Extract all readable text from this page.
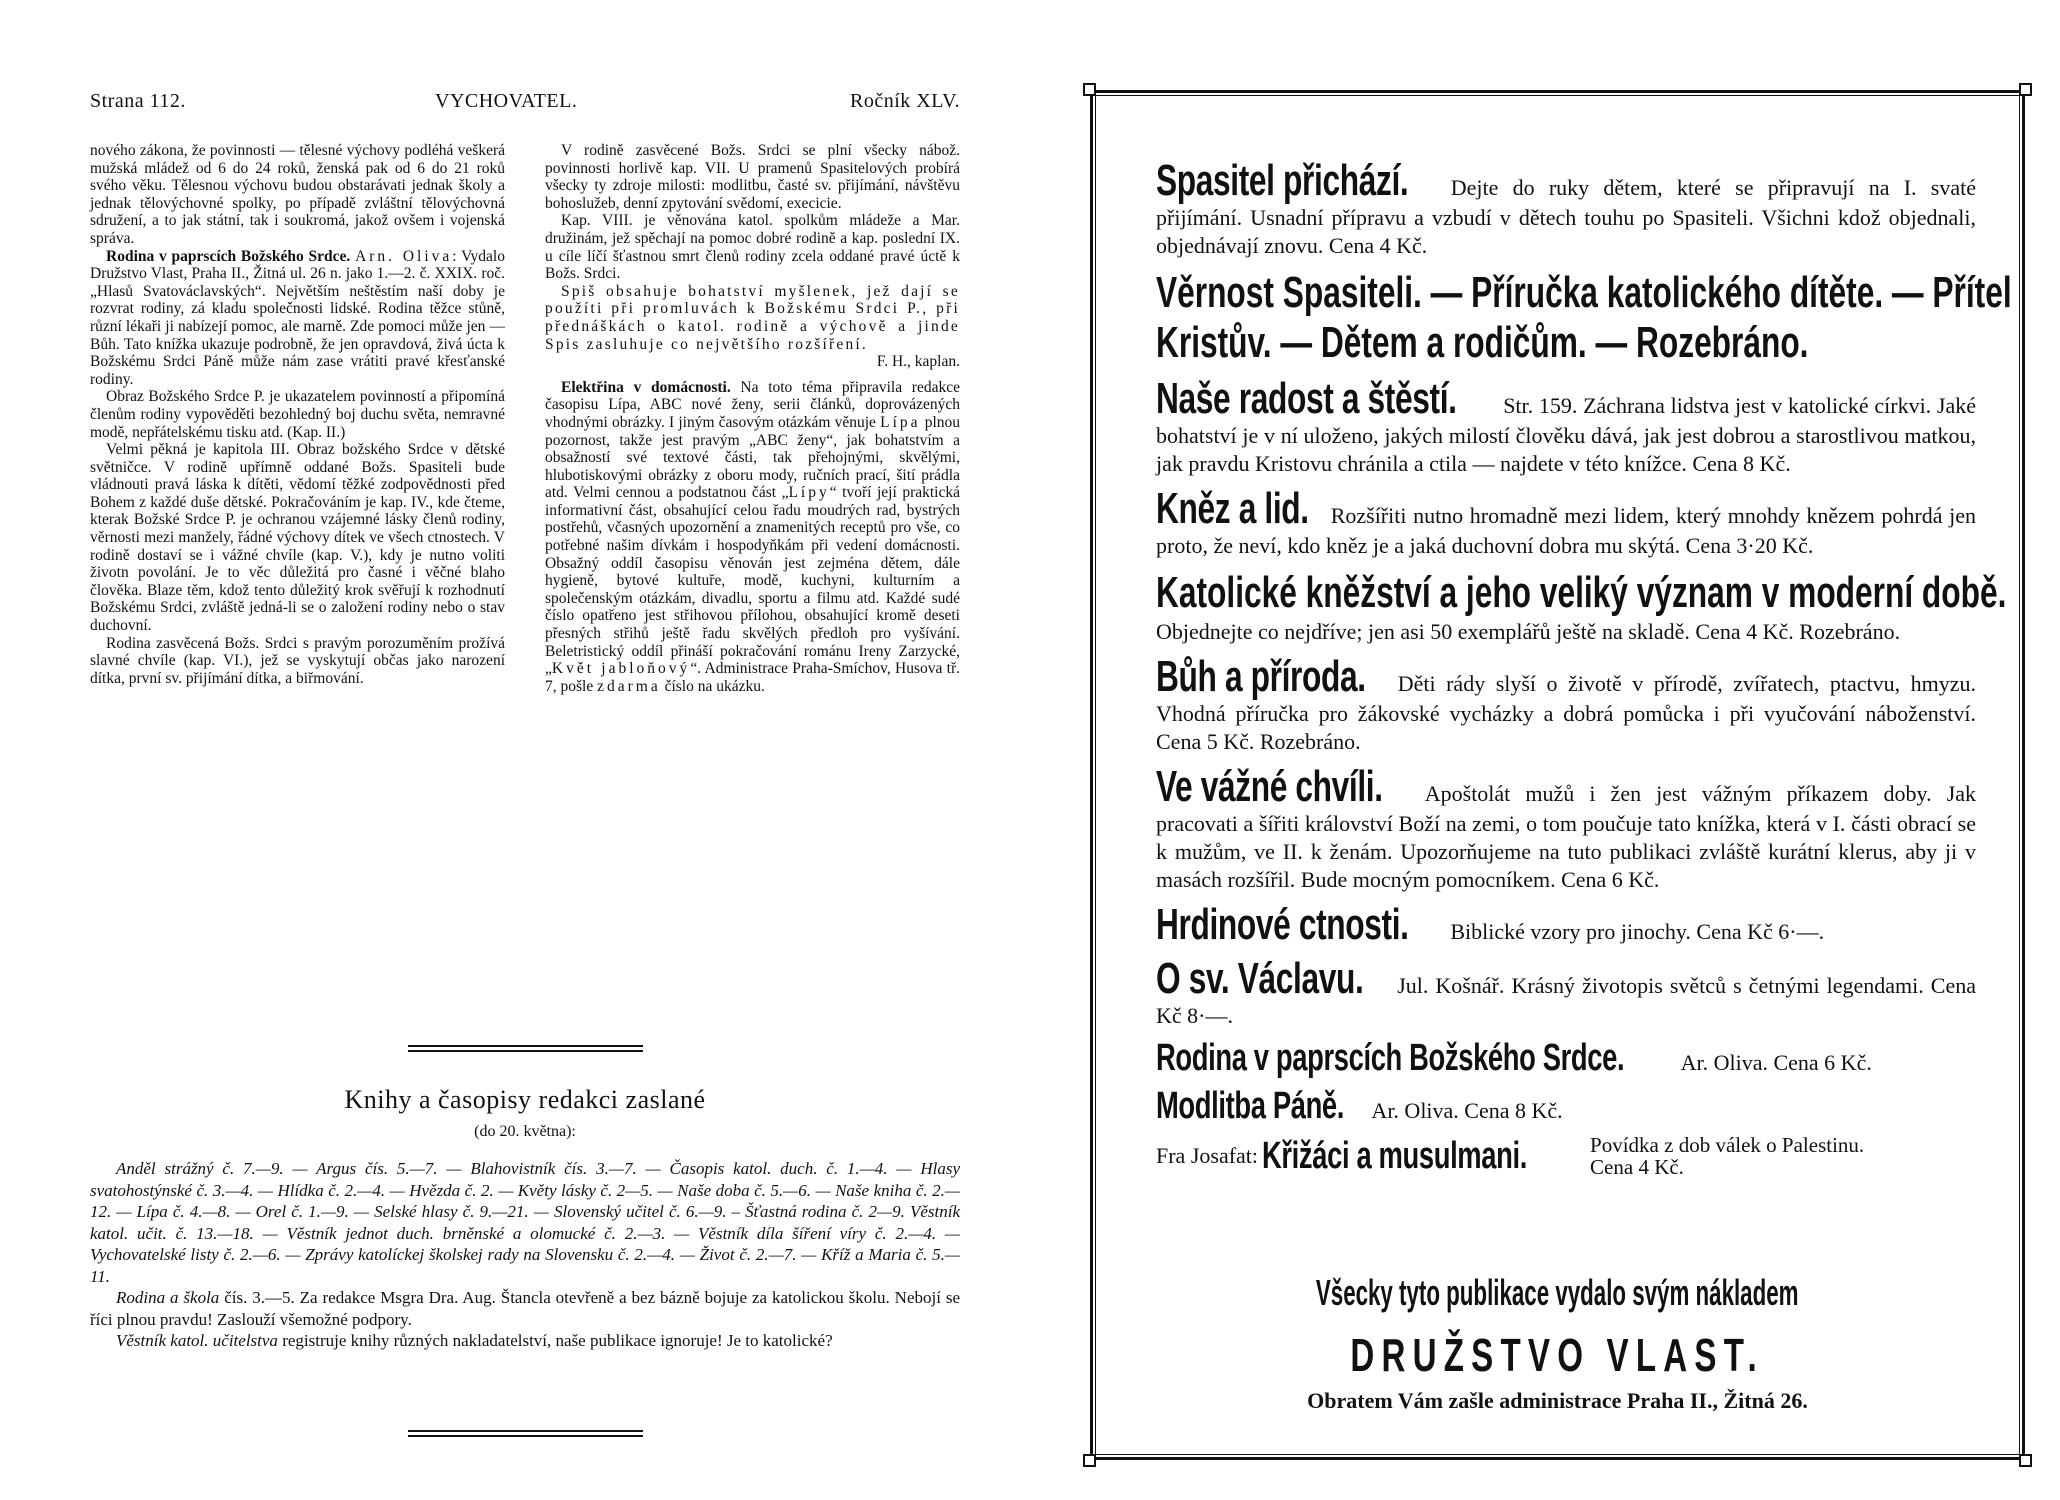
Strana 112.	VYCHOVATEL.	Ročník XLV.

nového zákona, že povinnosti — tělesné výchovy podléhá veškerá mužská mládež od 6 do 24 roků, ženská pak od 6 do 21 roků svého věku. Tělesnou výchovu budou obstarávati jednak školy a jednak tělovýchovné spolky, po případě zvláštní tělovýchovná sdružení, a to jak státní, tak i soukromá, jakož ovšem i vojenská správa.

Rodina v paprscích Božského Srdce. Arn. Oliva: Vydalo Družstvo Vlast, Praha II., Žitná ul. 26 n. jako 1.—2. č. XXIX. roč. „Hlasů Svatováclavských“. Největším neštěstím naší doby je rozvrat rodiny, zá kladu společnosti lidské. Rodina těžce stůně, různí lékaři ji nabízejí pomoc, ale marně. Zde pomoci může jen — Bůh. Tato knížka ukazuje podrobně, že jen opravdová, živá úcta k Božskému Srdci Páně může nám zase vrátiti pravé křesťanské rodiny.

Obraz Božského Srdce P. je ukazatelem povinností a připomíná členům rodiny vypověděti bezohledný boj duchu světa, nemravné modě, nepřátelskému tisku atd. (Kap. II.)

Velmi pěkná je kapitola III. Obraz božského Srdce v dětské světničce. V rodině upřímně oddané Božs. Spasiteli bude vládnouti pravá láska k dítěti, vědomí těžké zodpovědnosti před Bohem z každé duše dětské. Pokračováním je kap. IV., kde čteme, kterak Božské Srdce P. je ochranou vzájemné lásky členů rodiny, věrnosti mezi manžely, řádné výchovy dítek ve všech ctnostech. V rodině dostaví se i vážné chvíle (kap. V.), kdy je nutno voliti životn povolání. Je to věc důležitá pro časné i věčné blaho člověka. Blaze těm, kdož tento důležitý krok svěřují k rozhodnutí Božskému Srdci, zvláště jedná-li se o založení rodiny nebo o stav duchovní.

Rodina zasvěcená Božs. Srdci s pravým porozuměním prožívá slavné chvíle (kap. VI.), jež se vyskytují občas jako narození dítka, první sv. přijímání dítka, a biřmování.

V rodině zasvěcené Božs. Srdci se plní všecky nábož. povinnosti horlivě kap. VII. U pramenů Spasitelových probírá všecky ty zdroje milosti: modlitbu, časté sv. přijímání, návštěvu bohoslužeb, denní zpytování svědomí, execicie.

Kap. VIII. je věnována katol. spolkům mládeže a Mar. družinám, jež spěchají na pomoc dobré rodině a kap. poslední IX. u cíle líčí šťastnou smrt členů rodiny zcela oddané pravé úctě k Božs. Srdci.

Spiš obsahuje bohatství myšlenek, jež dají se použíti při promluvách k Božskému Srdci P., při přednáškách o katol. rodině a výchově a jinde Spis zasluhuje co největšího rozšíření.

F. H., kaplan.

Elektřina v domácnosti. Na toto téma připravila redakce časopisu Lípa, ABC nové ženy, serii článků, doprovázených vhodnými obrázky. I jiným časovým otázkám věnuje Lípa plnou pozornost, takže jest pravým „ABC ženy“, jak bohatstvím a obsažností své textové části, tak přehojnými, skvělými, hlubotiskovými obrázky z oboru mody, ručních prací, šití prádla atd. Velmi cennou a podstatnou část „Lípy“ tvoří její praktická informativní část, obsahující celou řadu moudrých rad, bystrých postřehů, včasných upozornění a znamenitých receptů pro vše, co potřebné našim dívkám i hospodyňkám při vedení domácnosti. Obsažný oddíl časopisu věnován jest zejména dětem, dále hygieně, bytové kultuře, modě, kuchyni, kulturním a společenským otázkám, divadlu, sportu a filmu atd. Každé sudé číslo opatřeno jest střihovou přílohou, obsahující kromě deseti přesných střihů ještě řadu skvělých předloh pro vyšívání. Beletristický oddíl přináší pokračování románu Ireny Zarzycké, „Květ jabloňový“. Administrace Praha-Smíchov, Husova tř. 7, pošle zdarma číslo na ukázku.

Knihy a časopisy redakci zaslané
(do 20. května):

Anděl strážný č. 7.—9. — Argus čís. 5.—7. — Blahovistník čís. 3.—7. — Časopis katol. duch. č. 1.—4. — Hlasy svatohostýnské č. 3.—4. — Hlídka č. 2.—4. — Hvězda č. 2. — Květy lásky č. 2—5. — Naše doba č. 5.—6. — Naše kniha č. 2.—12. — Lípa č. 4.—8. — Orel č. 1.—9. — Selské hlasy č. 9.—21. — Slovenský učitel č. 6.—9. – Šťastná rodina č. 2—9. Věstník katol. učit. č. 13.—18. — Věstník jednot duch. brněnské a olomucké č. 2.—3. — Věstník díla šíření víry č. 2.—4. — Vychovatelské listy č. 2.—6. — Zprávy katolíckej školskej rady na Slovensku č. 2.—4. — Život č. 2.—7. — Kříž a Maria č. 5.—11.

Rodina a škola čís. 3.—5. Za redakce Msgra Dra. Aug. Štancla otevřeně a bez bázně bojuje za katolickou školu. Nebojí se říci plnou pravdu! Zaslouží všemožné podpory.

Věstník katol. učitelstva registruje knihy různých nakladatelství, naše publikace ignoruje! Je to katolické?

Spasitel přichází. Dejte do ruky dětem, které se připravují na I. svaté přijímání. Usnadní přípravu a vzbudí v dětech touhu po Spasiteli. Všichni kdož objednali, objednávají znovu. Cena 4 Kč.

Věrnost Spasiteli. — Příručka katolického dítěte. — Přítel
Kristův. — Dětem a rodičům. — Rozebráno.

Naše radost a štěstí. Str. 159. Záchrana lidstva jest v katolické církvi. Jaké bohatství je v ní uloženo, jakých milostí člověku dává, jak jest dobrou a starostlivou matkou, jak pravdu Kristovu chránila a ctila — najdete v této knížce. Cena 8 Kč.

Kněz a lid. Rozšířiti nutno hromadně mezi lidem, který mnohdy knězem pohrdá jen proto, že neví, kdo kněz je a jaká duchovní dobra mu skýtá. Cena 3·20 Kč.

Katolické kněžství a jeho veliký význam v moderní době.
Objednejte co nejdříve; jen asi 50 exemplářů ještě na skladě. Cena 4 Kč. Rozebráno.

Bůh a příroda. Děti rády slyší o životě v přírodě, zvířatech, ptactvu, hmyzu. Vhodná příručka pro žákovské vycházky a dobrá pomůcka i při vyučování náboženství. Cena 5 Kč. Rozebráno.

Ve vážné chvíli. Apoštolát mužů i žen jest vážným příkazem doby. Jak pracovati a šířiti království Boží na zemi, o tom poučuje tato knížka, která v I. části obrací se k mužům, ve II. k ženám. Upozorňujeme na tuto publikaci zvláště kurátní klerus, aby ji v masách rozšířil. Bude mocným pomocníkem. Cena 6 Kč.

Hrdinové ctnosti. Biblické vzory pro jinochy. Cena Kč 6·—.

O sv. Václavu. Jul. Košnář. Krásný životopis světců s četnými legendami. Cena Kč 8·—.

Rodina v paprscích Božského Srdce. Ar. Oliva. Cena 6 Kč.

Modlitba Páně. Ar. Oliva. Cena 8 Kč.

Fra Josafat: Křižáci a musulmani.	Povídka z dob válek o Palestinu.
Cena 4 Kč.
Všecky tyto publikace vydalo svým nákladem
DRUŽSTVO VLAST.
Obratem Vám zašle administrace Praha II., Žitná 26.
